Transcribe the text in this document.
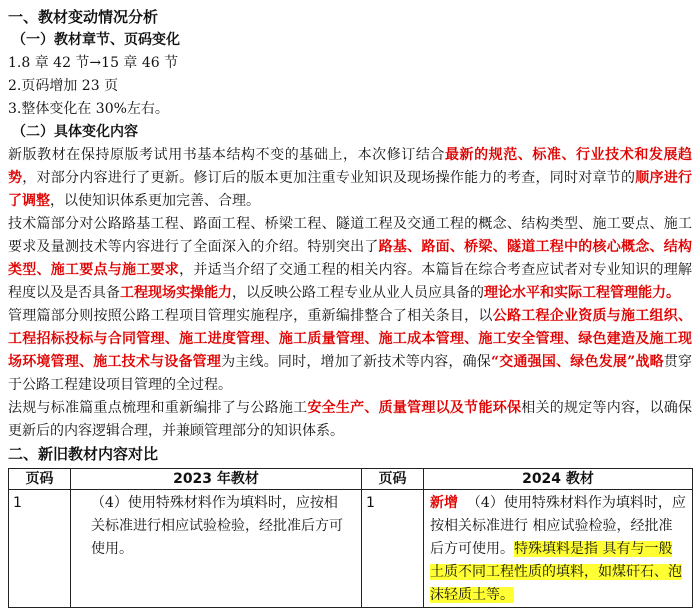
一、教材变动情况分析
（一）教材章节、页码变化
1.8 章 42 节→15 章 46 节
2.页码增加 23 页
3.整体变化在 30%左右。
（二）具体变化内容

新版教材在保持原版考试用书基本结构不变的基础上，本次修订结合最新的规范、标准、行业技术和发展趋势，对部分内容进行了更新。修订后的版本更加注重专业知识及现场操作能力的考查，同时对章节的顺序进行了调整，以使知识体系更加完善、合理。

技术篇部分对公路路基工程、路面工程、桥梁工程、隧道工程及交通工程的概念、结构类型、施工要点、施工要求及量测技术等内容进行了全面深入的介绍。特别突出了路基、路面、桥梁、隧道工程中的核心概念、结构类型、施工要点与施工要求，并适当介绍了交通工程的相关内容。本篇旨在综合考查应试者对专业知识的理解程度以及是否具备工程现场实操能力，以反映公路工程专业从业人员应具备的理论水平和实际工程管理能力。

管理篇部分则按照公路工程项目管理实施程序，重新编排整合了相关条目，以公路工程企业资质与施工组织、工程招标投标与合同管理、施工进度管理、施工质量管理、施工成本管理、施工安全管理、绿色建造及施工现场环境管理、施工技术与设备管理为主线。同时，增加了新技术等内容，确保“交通强国、绿色发展”战略贯穿于公路工程建设项目管理的全过程。

法规与标准篇重点梳理和重新编排了与公路施工安全生产、质量管理以及节能环保相关的规定等内容，以确保更新后的内容逻辑合理，并兼顾管理部分的知识体系。

二、新旧教材内容对比
页码	2023 年教材	页码	2024 教材
1	（4）使用特殊材料作为填料时，应按相关标准进行相应试验检验，经批准后方可使用。	1	新增 （4）使用特殊材料作为填料时，应按相关标准进行 相应试验检验，经批准后方可使用。特殊填料是指 具有与一般土质不同工程性质的填料，如煤矸石、泡沫轻质土等。
